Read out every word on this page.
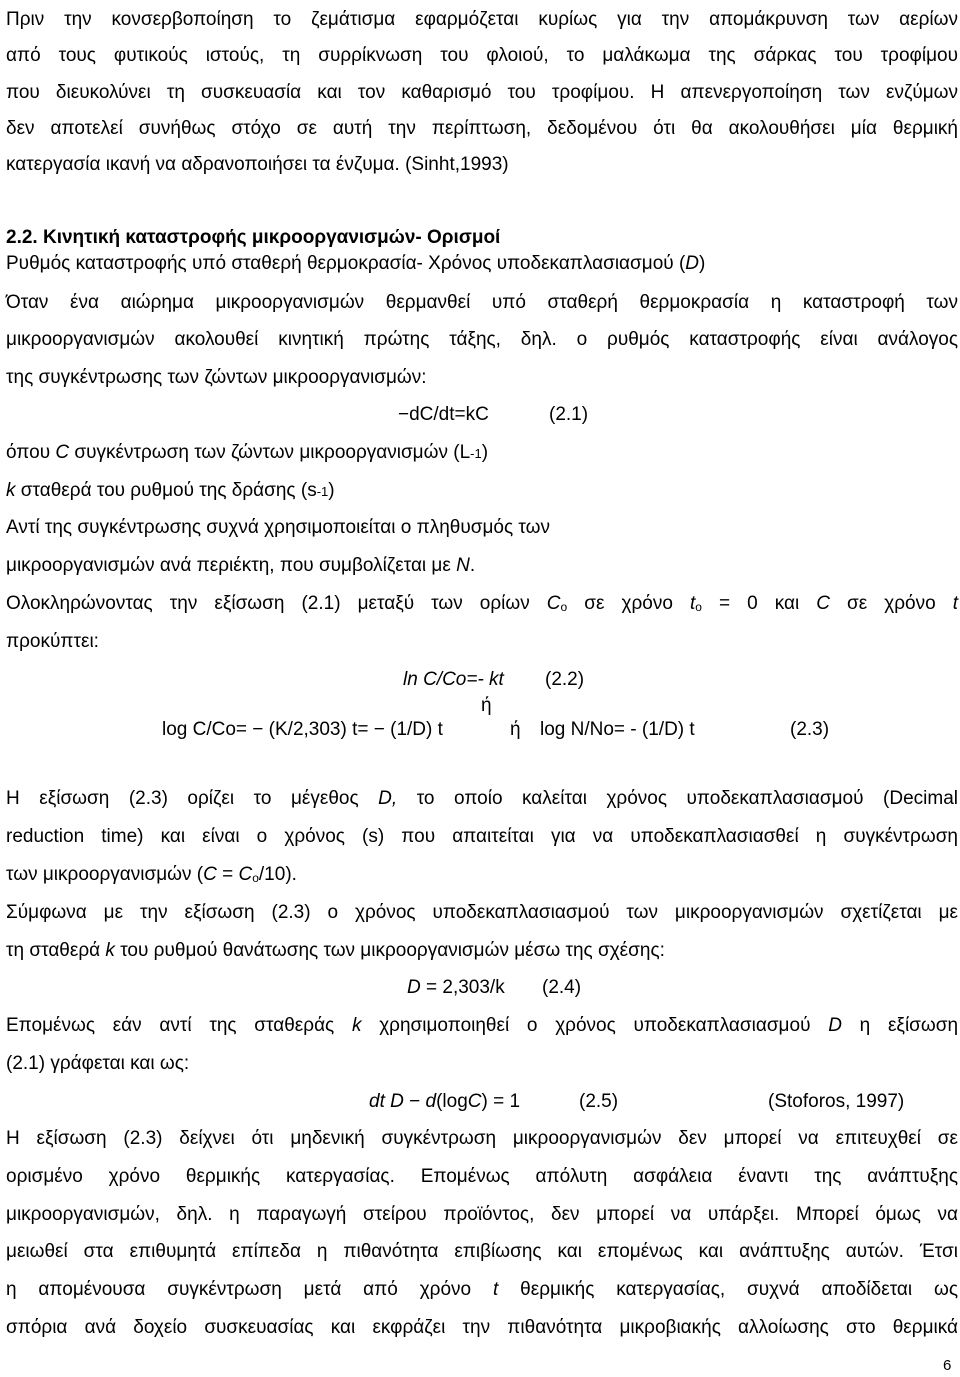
Πριν την κονσερβοποίηση το ζεμάτισμα εφαρμόζεται κυρίως για την απομάκρυνση των αερίων
από τους φυτικούς ιστούς, τη συρρίκνωση του φλοιού, το μαλάκωμα της σάρκας του τροφίμου
που διευκολύνει τη συσκευασία και τον καθαρισμό του τροφίμου. Η απενεργοποίηση των ενζύμων
δεν αποτελεί συνήθως στόχο σε αυτή την περίπτωση, δεδομένου ότι θα ακολουθήσει μία θερμική
κατεργασία ικανή να αδρανοποιήσει τα ένζυμα. (Sinht,1993)
2.2. Κινητική καταστροφής μικροοργανισμών- Ορισμοί
Ρυθμός καταστροφής υπό σταθερή θερμοκρασία- Χρόνος υποδεκαπλασιασμού (D)
Όταν ένα αιώρημα μικροοργανισμών θερμανθεί υπό σταθερή θερμοκρασία η καταστροφή των
μικροοργανισμών ακολουθεί κινητική πρώτης τάξης, δηλ. ο ρυθμός καταστροφής είναι ανάλογος
της συγκέντρωσης των ζώντων μικροοργανισμών:
−dC/dt=kC	(2.1)
όπου C συγκέντρωση των ζώντων μικροοργανισμών (L-1)
k σταθερά του ρυθμού της δράσης (s-1)
Αντί της συγκέντρωσης συχνά χρησιμοποιείται ο πληθυσμός των
μικροοργανισμών ανά περιέκτη, που συμβολίζεται με N.
Ολοκληρώνοντας την εξίσωση (2.1) μεταξύ των ορίων Co σε χρόνο to = 0 και C σε χρόνο t
προκύπτει:
ln C/Co=- kt (2.2)
ή
log C/Co= − (K/2,303) t= − (1/D) t	ή log N/No= - (1/D) t	(2.3)
Η εξίσωση (2.3) ορίζει το μέγεθος D, το οποίο καλείται χρόνος υποδεκαπλασιασμού (Decimal
reduction time) και είναι ο χρόνος (s) που απαιτείται για να υποδεκαπλασιασθεί η συγκέντρωση
των μικροοργανισμών (C = Co/10).
Σύμφωνα με την εξίσωση (2.3) ο χρόνος υποδεκαπλασιασμού των μικροοργανισμών σχετίζεται με
τη σταθερά k του ρυθμού θανάτωσης των μικροοργανισμών μέσω της σχέσης:
D = 2,303/k (2.4)
Επομένως εάν αντί της σταθεράς k χρησιμοποιηθεί ο χρόνος υποδεκαπλασιασμού D η εξίσωση
(2.1) γράφεται και ως:
dt D − d(logC) = 1	(2.5)	(Stoforos, 1997)
Η εξίσωση (2.3) δείχνει ότι μηδενική συγκέντρωση μικροοργανισμών δεν μπορεί να επιτευχθεί σε
ορισμένο χρόνο θερμικής κατεργασίας. Επομένως απόλυτη ασφάλεια έναντι της ανάπτυξης
μικροοργανισμών, δηλ. η παραγωγή στείρου προϊόντος, δεν μπορεί να υπάρξει. Μπορεί όμως να
μειωθεί στα επιθυμητά επίπεδα η πιθανότητα επιβίωσης και επομένως και ανάπτυξης αυτών. Έτσι
η απομένουσα συγκέντρωση μετά από χρόνο t θερμικής κατεργασίας, συχνά αποδίδεται ως
σπόρια ανά δοχείο συσκευασίας και εκφράζει την πιθανότητα μικροβιακής αλλοίωσης στο θερμικά
6
